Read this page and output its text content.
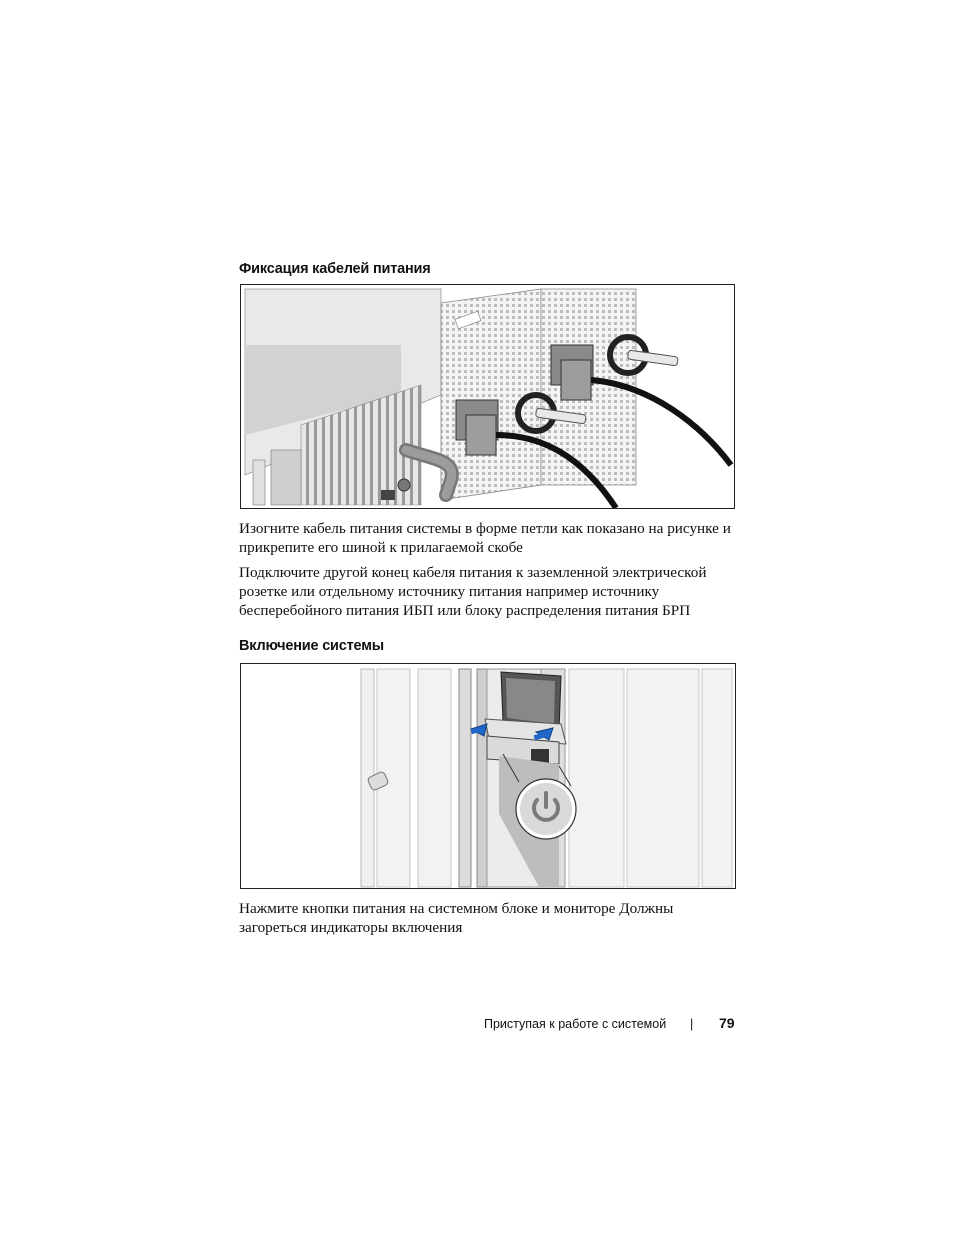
Фиксация кабелей питания

Изогните кабель питания системы в форме петли как показано на рисунке и прикрепите его шиной к прилагаемой скобе

Подключите другой конец кабеля питания к заземленной электрической розетке или отдельному источнику питания например источнику бесперебойного питания ИБП или блоку распределения питания БРП

Включение системы

Нажмите кнопки питания на системном блоке и мониторе Должны загореться индикаторы включения

Приступая к работе с системой | 79
